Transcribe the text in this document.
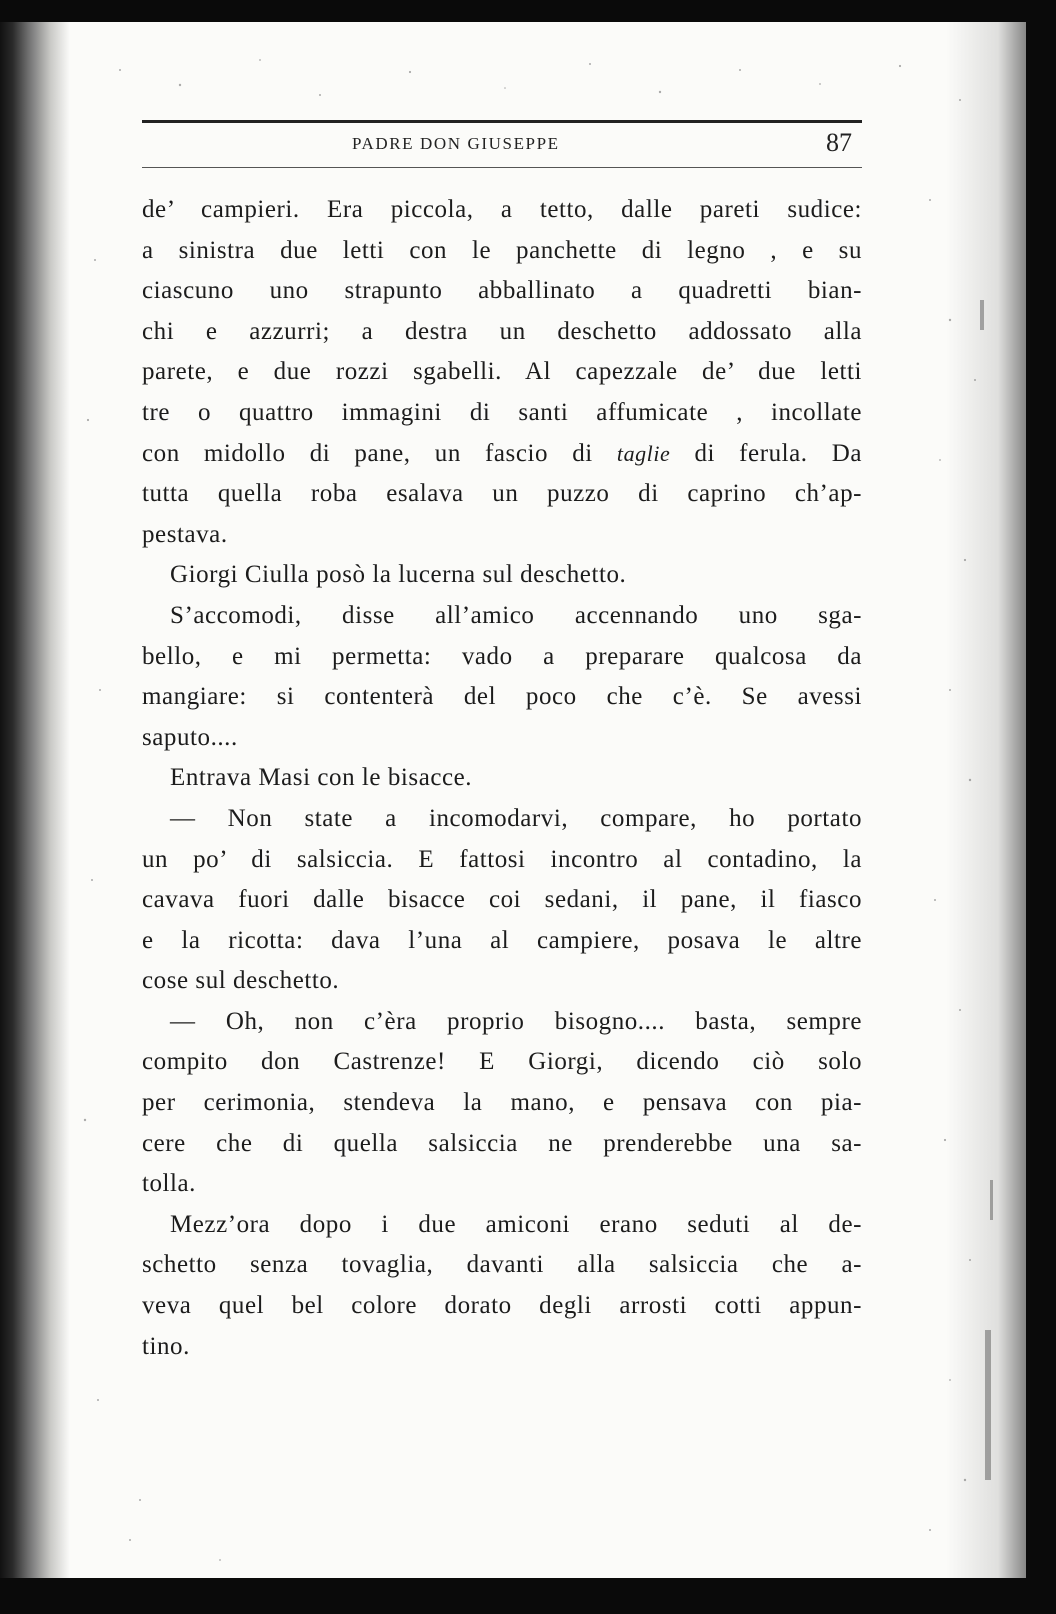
PADRE DON GIUSEPPE	87
de’ campieri. Era piccola, a tetto, dalle pareti sudice:
a sinistra due letti con le panchette di legno , e su
ciascuno uno strapunto abballinato a quadretti bian-
chi e azzurri; a destra un deschetto addossato alla
parete, e due rozzi sgabelli. Al capezzale de’ due letti
tre o quattro immagini di santi affumicate , incollate
con midollo di pane, un fascio di taglie di ferula. Da
tutta quella roba esalava un puzzo di caprino ch’ap-
pestava.
Giorgi Ciulla posò la lucerna sul deschetto.
S’accomodi, disse all’amico accennando uno sga-
bello, e mi permetta: vado a preparare qualcosa da
mangiare: si contenterà del poco che c’è. Se avessi
saputo....
Entrava Masi con le bisacce.
— Non state a incomodarvi, compare, ho portato
un po’ di salsiccia. E fattosi incontro al contadino, la
cavava fuori dalle bisacce coi sedani, il pane, il fiasco
e la ricotta: dava l’una al campiere, posava le altre
cose sul deschetto.
— Oh, non c’èra proprio bisogno.... basta, sempre
compito don Castrenze! E Giorgi, dicendo ciò solo
per cerimonia, stendeva la mano, e pensava con pia-
cere che di quella salsiccia ne prenderebbe una sa-
tolla.
Mezz’ora dopo i due amiconi erano seduti al de-
schetto senza tovaglia, davanti alla salsiccia che a-
veva quel bel colore dorato degli arrosti cotti appun-
tino.
